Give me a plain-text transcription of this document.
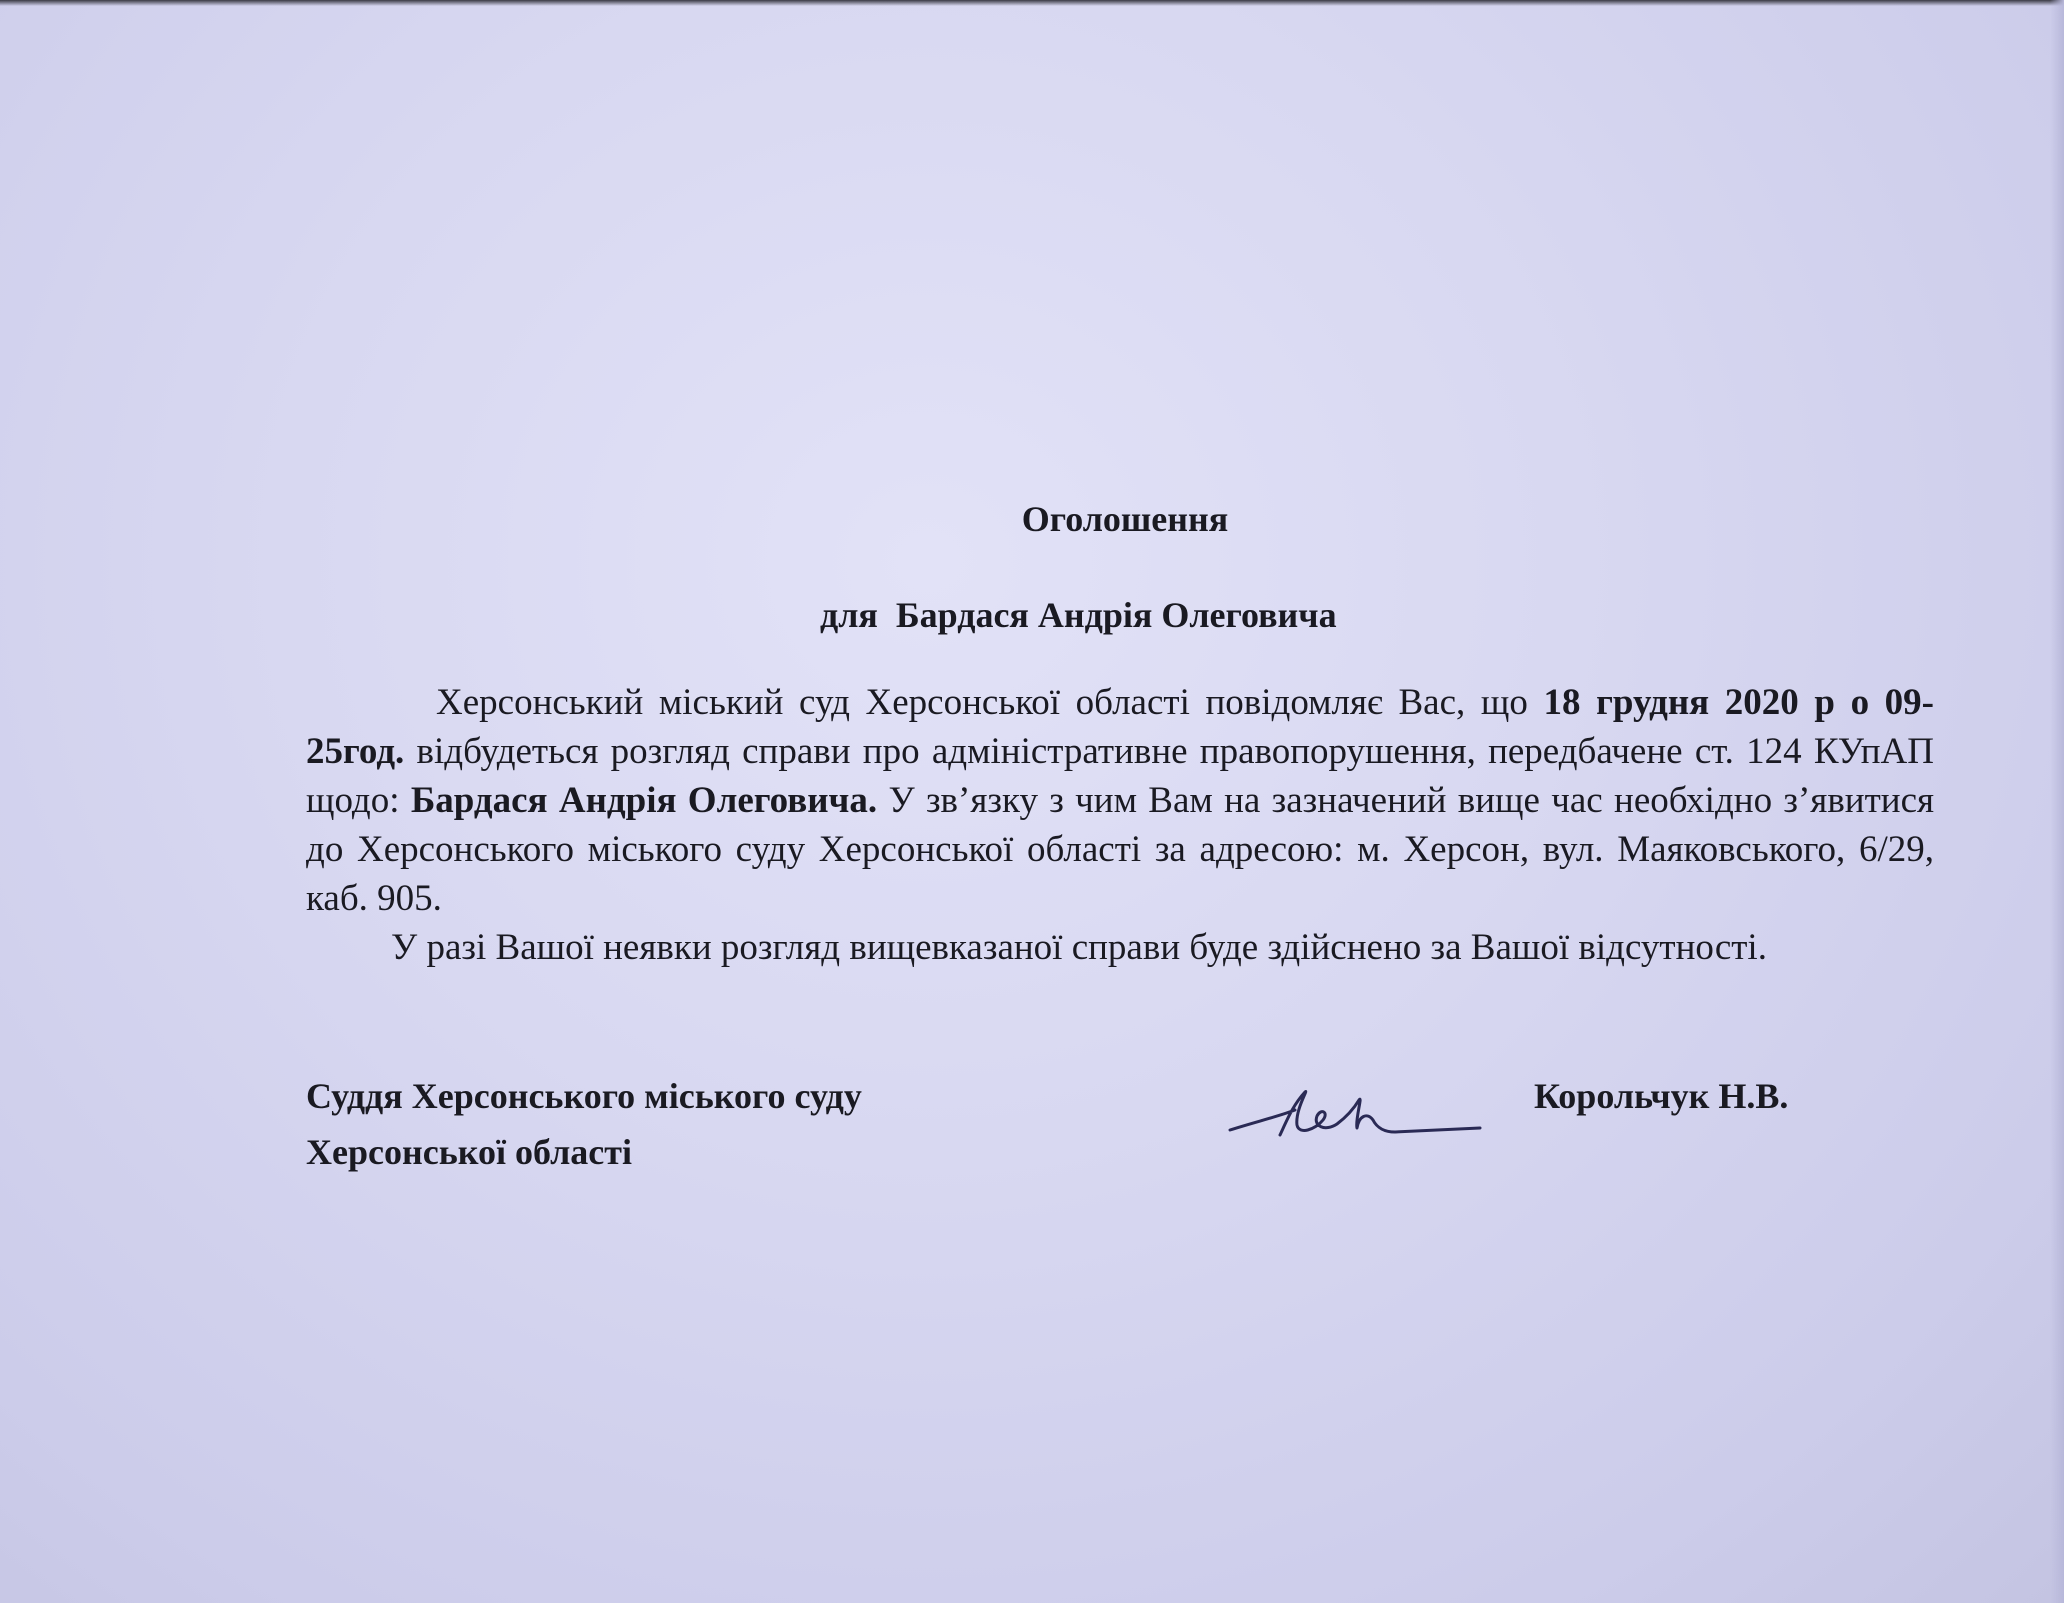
Оголошення
для  Бардася Андрія Олеговича

Херсонський міський суд Херсонської області повідомляє Вас, що 18 грудня 2020 р о 09-25год. відбудеться розгляд справи про адміністративне правопорушення, передбачене ст. 124 КУпАП щодо: Бардася Андрія Олеговича. У зв’язку з чим Вам на зазначений вище час необхідно з’явитися до Херсонського міського суду Херсонської області за адресою: м. Херсон, вул. Маяковського, 6/29, каб. 905.

У разі Вашої неявки розгляд вищевказаної справи буде здійснено за Вашої відсутності.

Суддя Херсонського міського суду
Херсонської області
Корольчук Н.В.
